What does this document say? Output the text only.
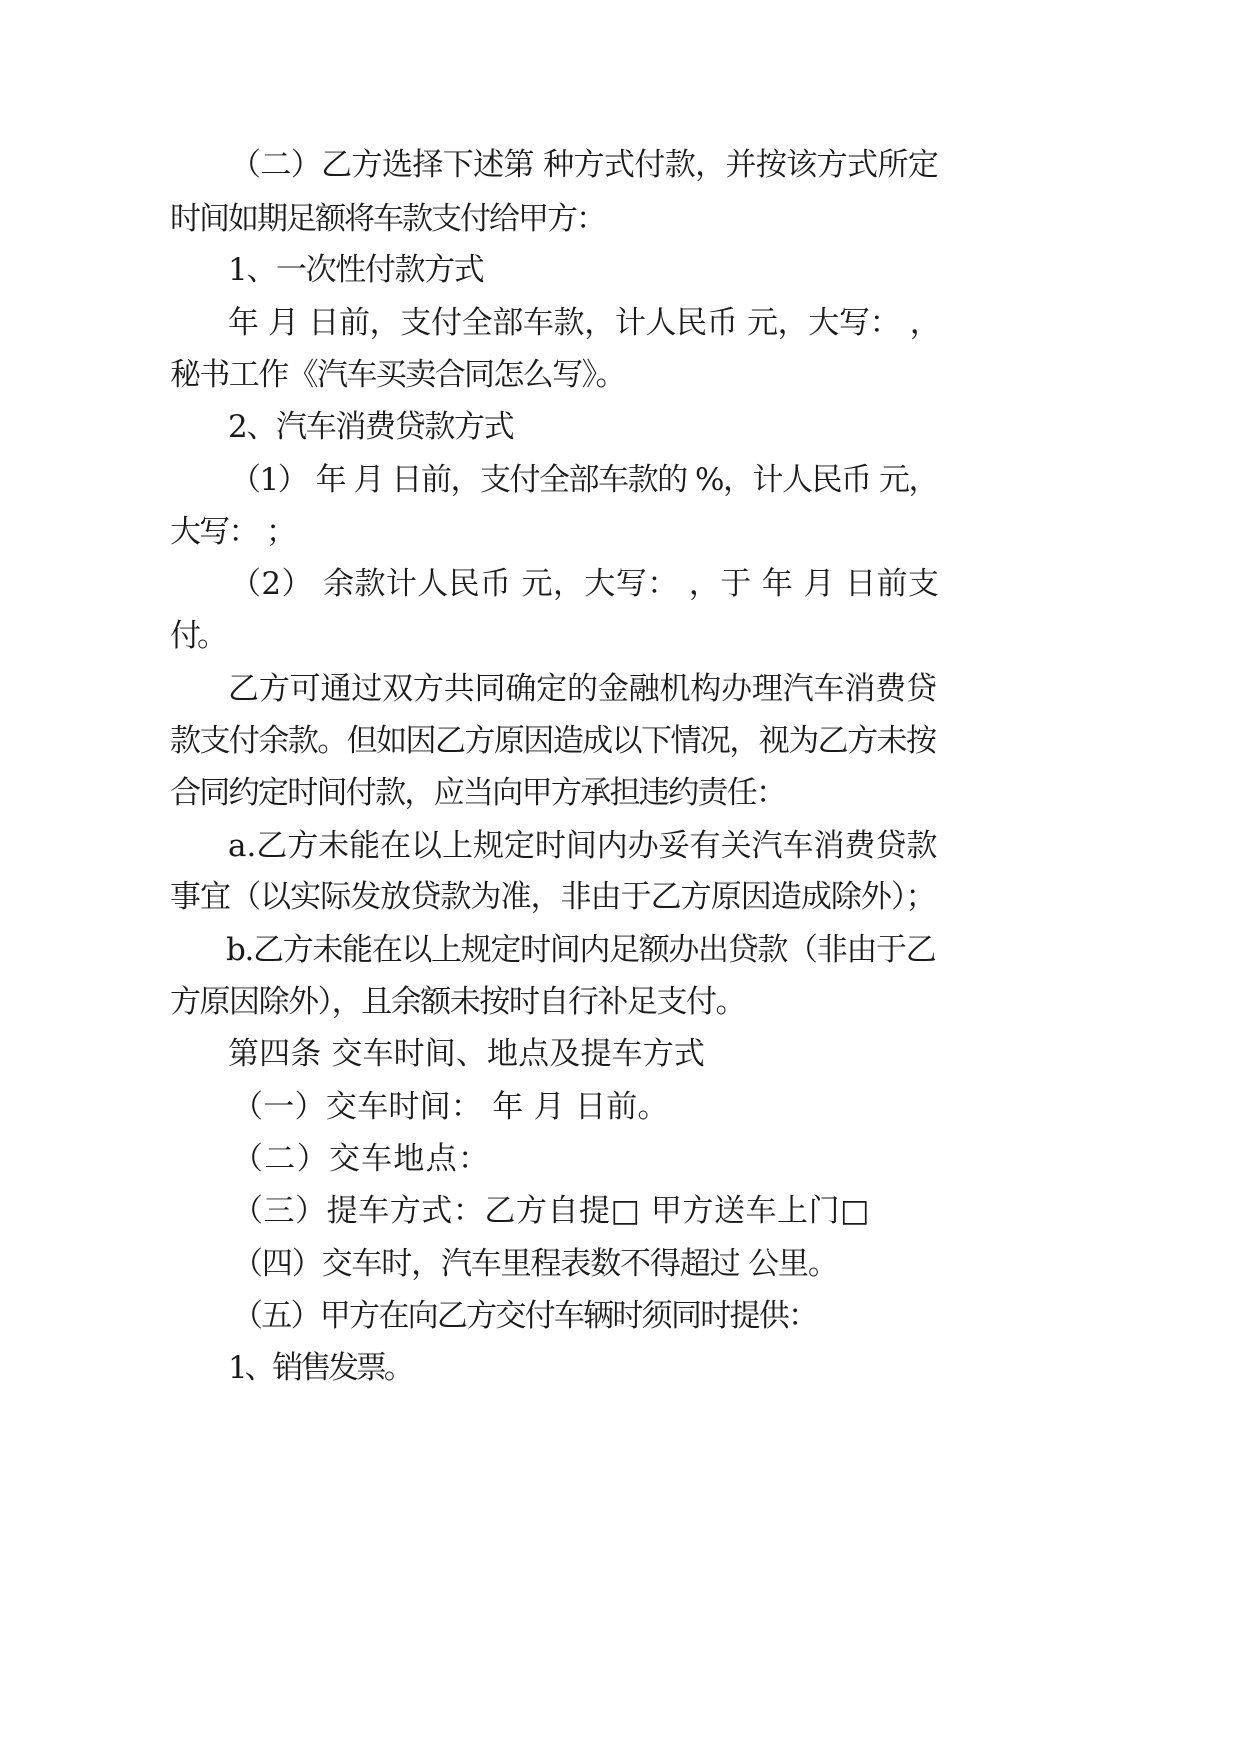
（二）乙方选择下述第 种方式付款，并按该方式所定
时间如期足额将车款支付给甲方：
1、一次性付款方式
年 月 日前，支付全部车款，计人民币 元，大写： ，
秘书工作《汽车买卖合同怎么写》。
2、汽车消费贷款方式
（1） 年 月 日前，支付全部车款的 %，计人民币 元，
大写： ；
（2） 余款计人民币 元，大写： ，于 年 月 日前支
付。
乙方可通过双方共同确定的金融机构办理汽车消费贷
款支付余款。但如因乙方原因造成以下情况，视为乙方未按
合同约定时间付款，应当向甲方承担违约责任：
a.乙方未能在以上规定时间内办妥有关汽车消费贷款
事宜（以实际发放贷款为准，非由于乙方原因造成除外）；
b.乙方未能在以上规定时间内足额办出贷款（非由于乙
方原因除外），且余额未按时自行补足支付。
第四条 交车时间、地点及提车方式
（一）交车时间： 年 月 日前。
（二）交车地点：
（三）提车方式：乙方自提□ 甲方送车上门□
（四）交车时，汽车里程表数不得超过 公里。
（五）甲方在向乙方交付车辆时须同时提供：
1、销售发票。
